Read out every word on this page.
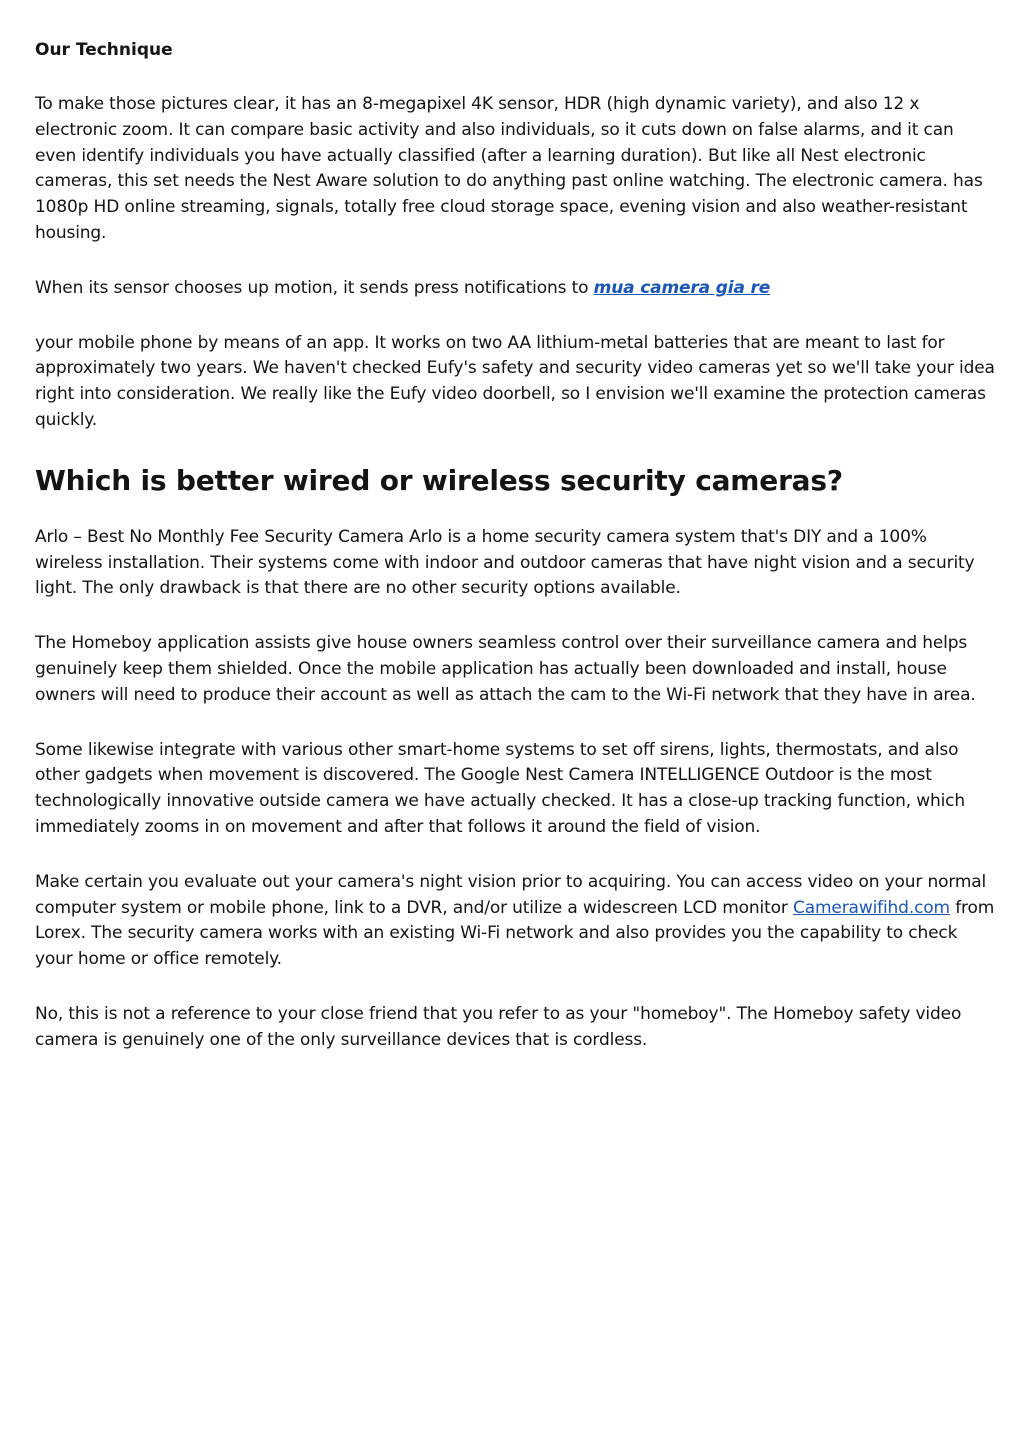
Our Technique

To make those pictures clear, it has an 8-megapixel 4K sensor, HDR (high dynamic variety), and also 12 x electronic zoom. It can compare basic activity and also individuals, so it cuts down on false alarms, and it can even identify individuals you have actually classified (after a learning duration). But like all Nest electronic cameras, this set needs the Nest Aware solution to do anything past online watching. The electronic camera. has 1080p HD online streaming, signals, totally free cloud storage space, evening vision and also weather-resistant housing.

When its sensor chooses up motion, it sends press notifications to mua camera gia re

your mobile phone by means of an app. It works on two AA lithium-metal batteries that are meant to last for approximately two years. We haven't checked Eufy's safety and security video cameras yet so we'll take your idea right into consideration. We really like the Eufy video doorbell, so I envision we'll examine the protection cameras quickly.

Which is better wired or wireless security cameras?

Arlo – Best No Monthly Fee Security Camera Arlo is a home security camera system that's DIY and a 100% wireless installation. Their systems come with indoor and outdoor cameras that have night vision and a security light. The only drawback is that there are no other security options available.

The Homeboy application assists give house owners seamless control over their surveillance camera and helps genuinely keep them shielded. Once the mobile application has actually been downloaded and install, house owners will need to produce their account as well as attach the cam to the Wi-Fi network that they have in area.

Some likewise integrate with various other smart-home systems to set off sirens, lights, thermostats, and also other gadgets when movement is discovered. The Google Nest Camera INTELLIGENCE Outdoor is the most technologically innovative outside camera we have actually checked. It has a close-up tracking function, which immediately zooms in on movement and after that follows it around the field of vision.

Make certain you evaluate out your camera's night vision prior to acquiring. You can access video on your normal computer system or mobile phone, link to a DVR, and/or utilize a widescreen LCD monitor Camerawifihd.com from Lorex. The security camera works with an existing Wi-Fi network and also provides you the capability to check your home or office remotely.

No, this is not a reference to your close friend that you refer to as your "homeboy". The Homeboy safety video camera is genuinely one of the only surveillance devices that is cordless.
